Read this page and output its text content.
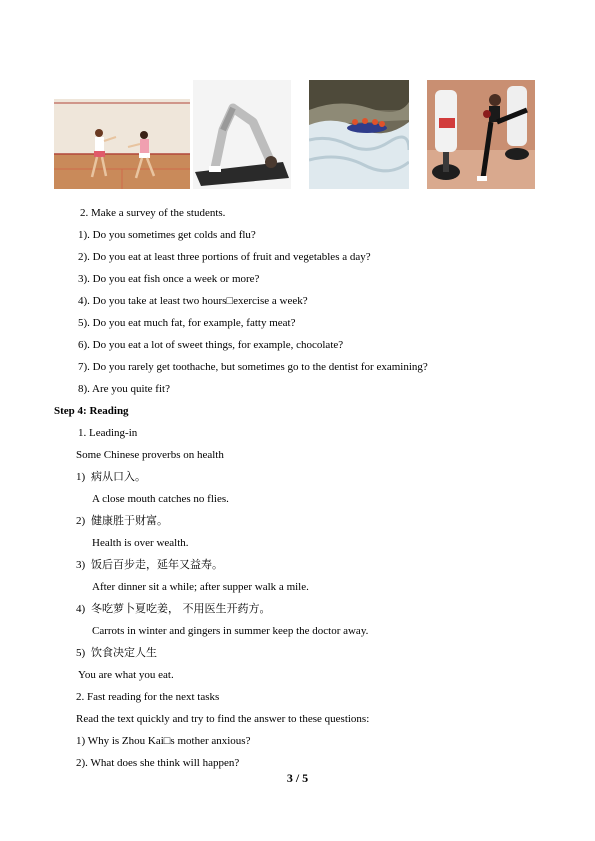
2. Make a survey of the students.
1). Do you sometimes get colds and flu?
2). Do you eat at least three portions of fruit and vegetables a day?
3). Do you eat fish once a week or more?
4). Do you take at least two hours□exercise a week?
5). Do you eat much fat, for example, fatty meat?
6). Do you eat a lot of sweet things, for example, chocolate?
7). Do you rarely get toothache, but sometimes go to the dentist for examining?
8). Are you quite fit?
Step 4: Reading
1. Leading-in
Some Chinese proverbs on health
1) 病从口入。
A close mouth catches no flies.
2) 健康胜于财富。
Health is over wealth.
3) 饭后百步走，延年又益寿。
After dinner sit a while; after supper walk a mile.
4) 冬吃萝卜夏吃姜， 不用医生开药方。
Carrots in winter and gingers in summer keep the doctor away.
5) 饮食决定人生
You are what you eat.
2. Fast reading for the next tasks
Read the text quickly and try to find the answer to these questions:
1) Why is Zhou Kai□s mother anxious?
2). What does she think will happen?
3 / 5
